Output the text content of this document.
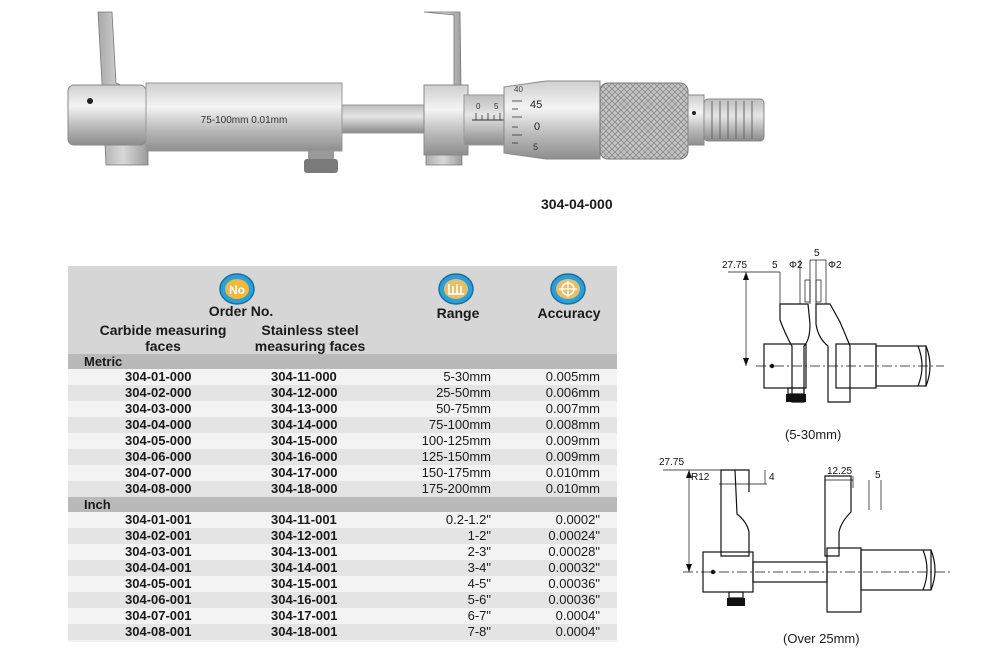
75-100mm 0.01mm
40
45
0
5
0 5
304-04-000
No
Order No.	Range	Accuracy
Carbide measuring faces
Stainless steel measuring faces
Metric
304-01-000	304-11-000	5-30mm	0.005mm
304-02-000	304-12-000	25-50mm	0.006mm
304-03-000	304-13-000	50-75mm	0.007mm
304-04-000	304-14-000	75-100mm	0.008mm
304-05-000	304-15-000	100-125mm	0.009mm
304-06-000	304-16-000	125-150mm	0.009mm
304-07-000	304-17-000	150-175mm	0.010mm
304-08-000	304-18-000	175-200mm	0.010mm
Inch
304-01-001	304-11-001	0.2-1.2"	0.0002"
304-02-001	304-12-001	1-2"	0.00024"
304-03-001	304-13-001	2-3"	0.00028"
304-04-001	304-14-001	3-4"	0.00032"
304-05-001	304-15-001	4-5"	0.00036"
304-06-001	304-16-001	5-6"	0.00036"
304-07-001	304-17-001	6-7"	0.0004"
304-08-001	304-18-001	7-8"	0.0004"
27.75 5 Φ2
5
Φ2
(5-30mm)
27.75
R12	4
12.25 5
(Over 25mm)
